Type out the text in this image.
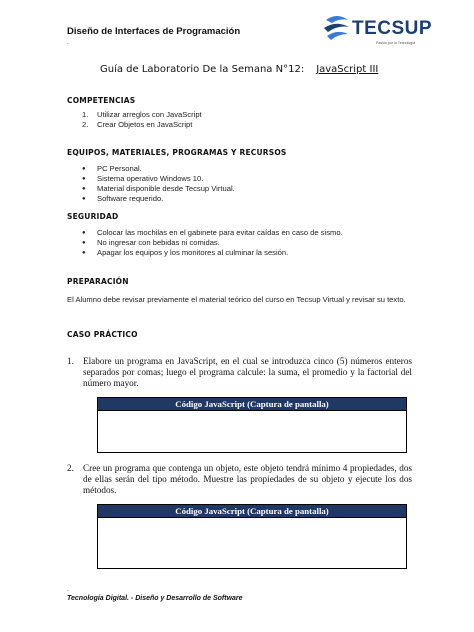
Diseño de Interfaces de Programación
.
TECSUP
Pasión por la Tecnología
Guía de Laboratorio De la Semana N°12: JavaScript III
COMPETENCIAS
1. Utilizar arreglos con JavaScript
2. Crear Objetos en JavaScript
EQUIPOS, MATERIALES, PROGRAMAS Y RECURSOS
● PC Personal.
● Sistema operativo Windows 10.
● Material disponible desde Tecsup Virtual.
● Software requerido.
SEGURIDAD
● Colocar las mochilas en el gabinete para evitar caídas en caso de sismo.
● No ingresar con bebidas ni comidas.
● Apagar los equipos y los monitores al culminar la sesión.
PREPARACIÓN
El Alumno debe revisar previamente el material teórico del curso en Tecsup Virtual y revisar su texto.
CASO PRÁCTICO
1. Elabore un programa en JavaScript, en el cual se introduzca cinco (5) números enteros separados por comas; luego el programa calcule: la suma, el promedio y la factorial del número mayor.
Código JavaScript (Captura de pantalla)
2. Cree un programa que contenga un objeto, este objeto tendrá mínimo 4 propiedades, dos de ellas serán del tipo método. Muestre las propiedades de su objeto y ejecute los dos métodos.
Código JavaScript (Captura de pantalla)
.
Tecnología Digital. - Diseño y Desarrollo de Software
